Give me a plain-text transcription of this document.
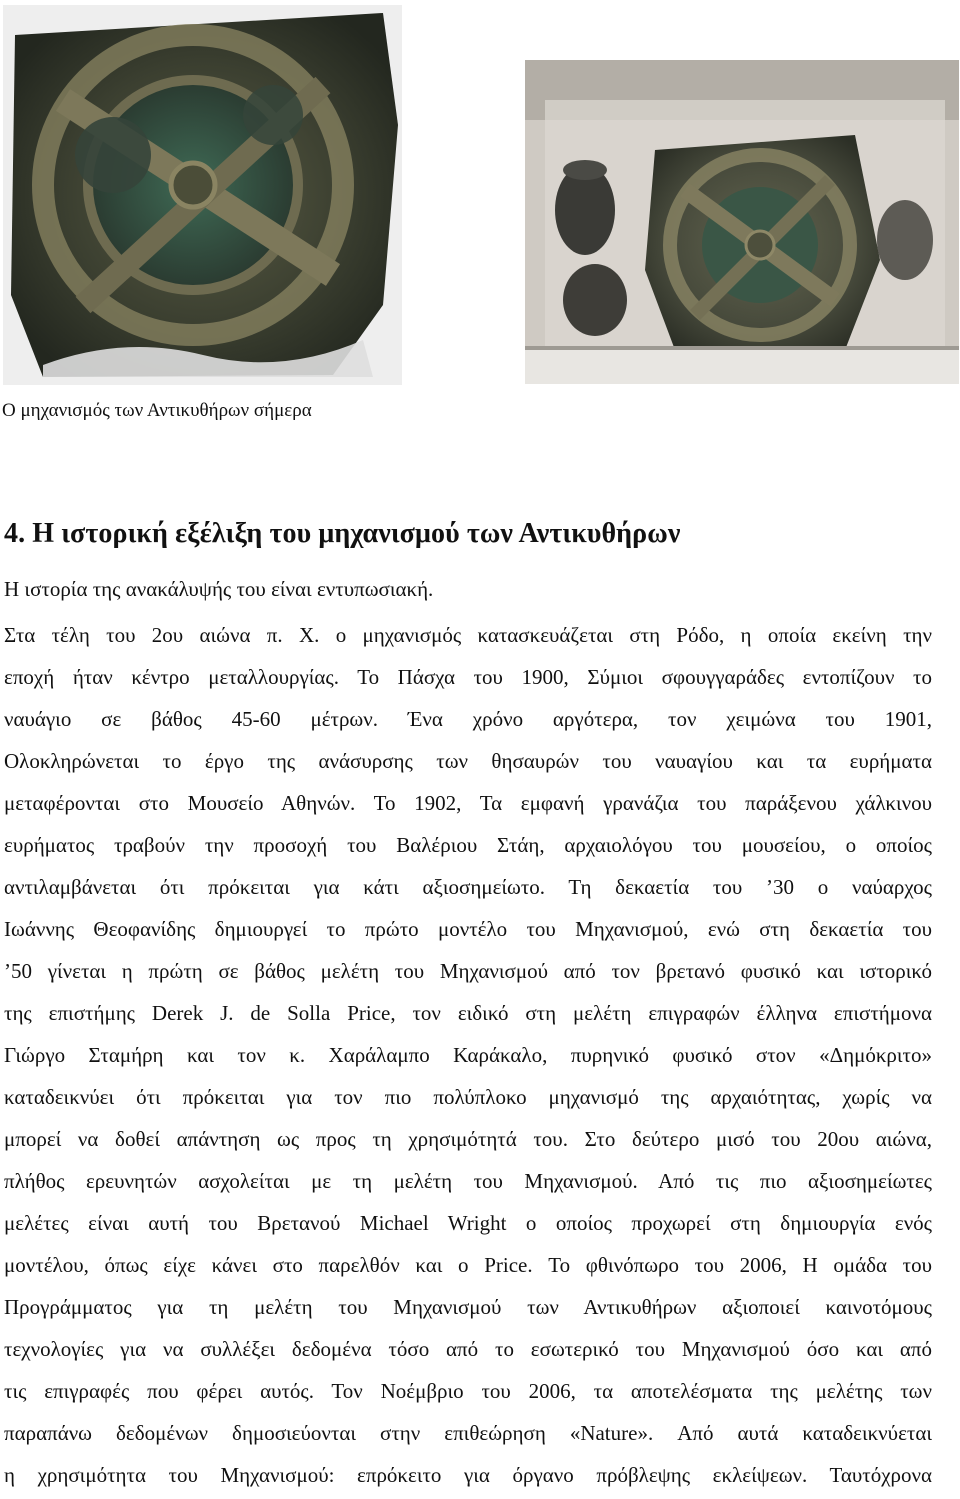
Ο μηχανισμός των Αντικυθήρων σήμερα
4. Η ιστορική εξέλιξη του μηχανισμού των Αντικυθήρων
Η ιστορία της ανακάλυψής του είναι εντυπωσιακή.
Στα τέλη του 2ου αιώνα π. Χ. ο μηχανισμός κατασκευάζεται στη Ρόδο, η οποία εκείνη την
εποχή ήταν κέντρο μεταλλουργίας. Το Πάσχα του 1900, Σύμιοι σφουγγαράδες εντοπίζουν το
ναυάγιο σε βάθος 45-60 μέτρων. Ένα χρόνο αργότερα, τον χειμώνα του 1901,
Ολοκληρώνεται το έργο της ανάσυρσης των θησαυρών του ναυαγίου και τα ευρήματα
μεταφέρονται στο Μουσείο Αθηνών. Το 1902, Τα εμφανή γρανάζια του παράξενου χάλκινου
ευρήματος τραβούν την προσοχή του Βαλέριου Στάη, αρχαιολόγου του μουσείου, ο οποίος
αντιλαμβάνεται ότι πρόκειται για κάτι αξιοσημείωτο. Τη δεκαετία του ’30 ο ναύαρχος
Ιωάννης Θεοφανίδης δημιουργεί το πρώτο μοντέλο του Μηχανισμού, ενώ στη δεκαετία του
’50 γίνεται η πρώτη σε βάθος μελέτη του Μηχανισμού από τον βρετανό φυσικό και ιστορικό
της επιστήμης Derek J. de Solla Price, τον ειδικό στη μελέτη επιγραφών έλληνα επιστήμονα
Γιώργο Σταμήρη και τον κ. Χαράλαμπο Καράκαλο, πυρηνικό φυσικό στον «Δημόκριτο»
καταδεικνύει ότι πρόκειται για τον πιο πολύπλοκο μηχανισμό της αρχαιότητας, χωρίς να
μπορεί να δοθεί απάντηση ως προς τη χρησιμότητά του. Στο δεύτερο μισό του 20ου αιώνα,
πλήθος ερευνητών ασχολείται με τη μελέτη του Μηχανισμού. Από τις πιο αξιοσημείωτες
μελέτες είναι αυτή του Βρετανού Michael Wright ο οποίος προχωρεί στη δημιουργία ενός
μοντέλου, όπως είχε κάνει στο παρελθόν και ο Price. Το φθινόπωρο του 2006, Η ομάδα του
Προγράμματος για τη μελέτη του Μηχανισμού των Αντικυθήρων αξιοποιεί καινοτόμους
τεχνολογίες για να συλλέξει δεδομένα τόσο από το εσωτερικό του Μηχανισμού όσο και από
τις επιγραφές που φέρει αυτός. Τον Νοέμβριο του 2006, τα αποτελέσματα της μελέτης των
παραπάνω δεδομένων δημοσιεύονται στην επιθεώρηση «Nature». Από αυτά καταδεικνύεται
η χρησιμότητα του Μηχανισμού: επρόκειτο για όργανο πρόβλεψης εκλείψεων. Ταυτόχρονα
